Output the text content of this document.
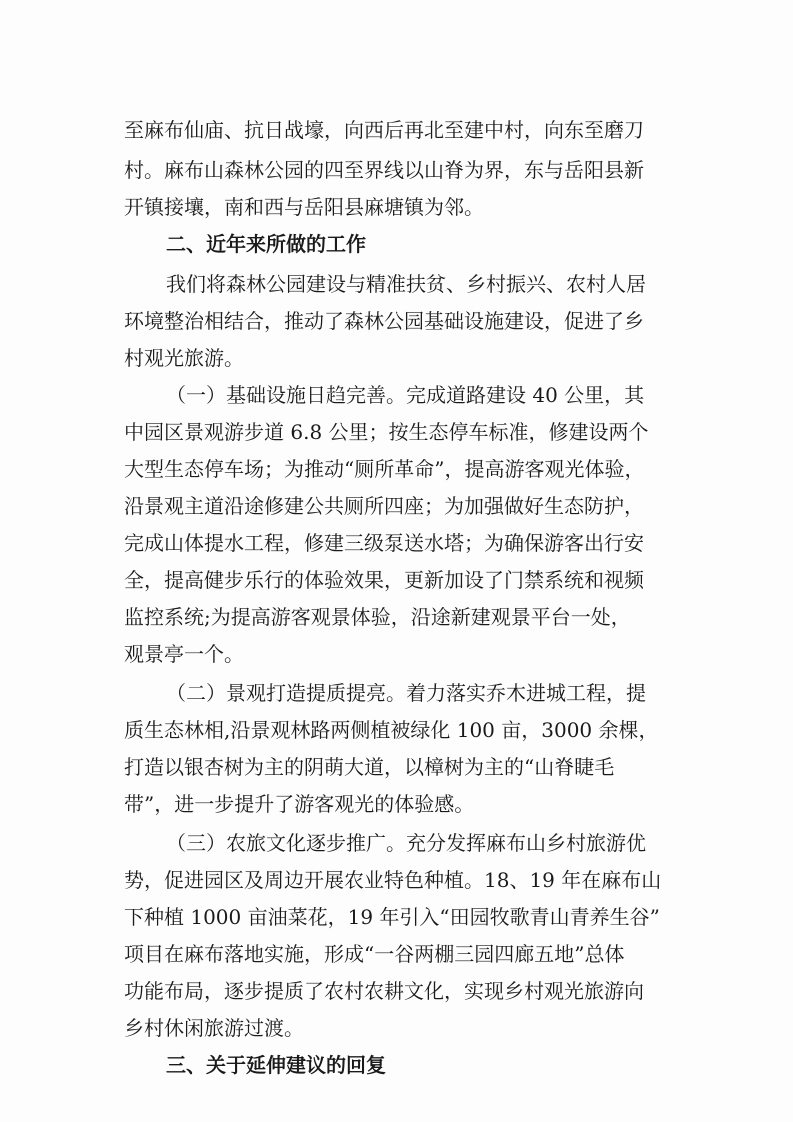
至麻布仙庙、抗日战壕，向西后再北至建中村，向东至磨刀
村。麻布山森林公园的四至界线以山脊为界，东与岳阳县新
开镇接壤，南和西与岳阳县麻塘镇为邻。
二、近年来所做的工作
我们将森林公园建设与精准扶贫、乡村振兴、农村人居
环境整治相结合，推动了森林公园基础设施建设，促进了乡
村观光旅游。
（一）基础设施日趋完善。完成道路建设 40 公里，其
中园区景观游步道 6.8 公里；按生态停车标准，修建设两个
大型生态停车场；为推动“厕所革命”，提高游客观光体验，
沿景观主道沿途修建公共厕所四座；为加强做好生态防护，
完成山体提水工程，修建三级泵送水塔；为确保游客出行安
全，提高健步乐行的体验效果，更新加设了门禁系统和视频
监控系统;为提高游客观景体验，沿途新建观景平台一处，
观景亭一个。
（二）景观打造提质提亮。着力落实乔木进城工程，提
质生态林相,沿景观林路两侧植被绿化 100 亩，3000 余棵，
打造以银杏树为主的阴萌大道，以樟树为主的“山脊睫毛
带”，进一步提升了游客观光的体验感。
（三）农旅文化逐步推广。充分发挥麻布山乡村旅游优
势，促进园区及周边开展农业特色种植。18、19 年在麻布山
下种植 1000 亩油菜花，19 年引入“田园牧歌青山青养生谷”
项目在麻布落地实施，形成“一谷两棚三园四廊五地”总体
功能布局，逐步提质了农村农耕文化，实现乡村观光旅游向
乡村休闲旅游过渡。
三、关于延伸建议的回复
